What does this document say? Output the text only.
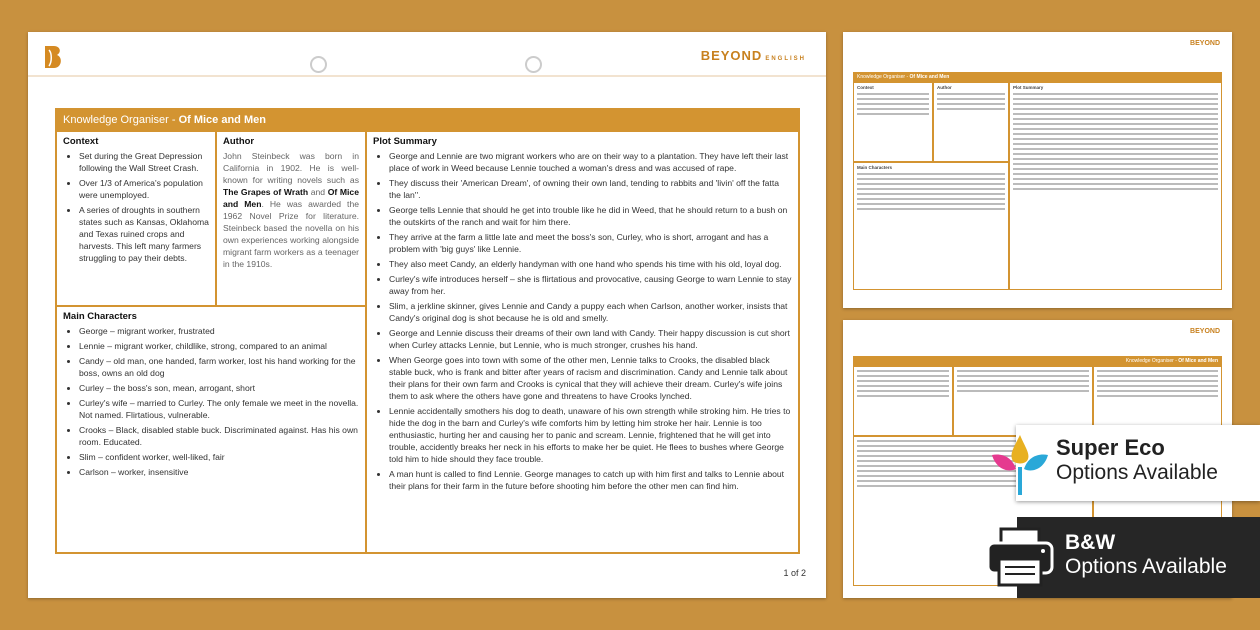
BEYOND ENGLISH
Knowledge Organiser - Of Mice and Men
Context
• Set during the Great Depression following the Wall Street Crash.
• Over 1/3 of America's population were unemployed.
• A series of droughts in southern states such as Kansas, Oklahoma and Texas ruined crops and harvests. This left many farmers struggling to pay their debts.
Author
John Steinbeck was born in California in 1902. He is well-known for writing novels such as The Grapes of Wrath and Of Mice and Men. He was awarded the 1962 Novel Prize for literature. Steinbeck based the novella on his own experiences working alongside migrant farm workers as a teenager in the 1910s.
Main Characters
• George – migrant worker, frustrated
• Lennie – migrant worker, childlike, strong, compared to an animal
• Candy – old man, one handed, farm worker, lost his hand working for the boss, owns an old dog
• Curley – the boss's son, mean, arrogant, short
• Curley's wife – married to Curley. The only female we meet in the novella. Not named. Flirtatious, vulnerable.
• Crooks – Black, disabled stable buck. Discriminated against. Has his own room. Educated.
• Slim – confident worker, well-liked, fair
• Carlson – worker, insensitive
Plot Summary
• George and Lennie are two migrant workers who are on their way to a plantation. They have left their last place of work in Weed because Lennie touched a woman's dress and was accused of rape.
• They discuss their 'American Dream', of owning their own land, tending to rabbits and 'livin' off the fatta the lan''.
• George tells Lennie that should he get into trouble like he did in Weed, that he should return to a bush on the outskirts of the ranch and wait for him there.
• They arrive at the farm a little late and meet the boss's son, Curley, who is short, arrogant and has a problem with 'big guys' like Lennie.
• They also meet Candy, an elderly handyman with one hand who spends his time with his old, loyal dog.
• Curley's wife introduces herself – she is flirtatious and provocative, causing George to warn Lennie to stay away from her.
• Slim, a jerkline skinner, gives Lennie and Candy a puppy each when Carlson, another worker, insists that Candy's original dog is shot because he is old and smelly.
• George and Lennie discuss their dreams of their own land with Candy. Their happy discussion is cut short when Curley attacks Lennie, but Lennie, who is much stronger, crushes his hand.
• When George goes into town with some of the other men, Lennie talks to Crooks, the disabled black stable buck, who is frank and bitter after years of racism and discrimination. Candy and Lennie talk about their plans for their own farm and Crooks is cynical that they will achieve their dream. Curley's wife joins them to ask where the others have gone and threatens to have Crooks lynched.
• Lennie accidentally smothers his dog to death, unaware of his own strength while stroking him. He tries to hide the dog in the barn and Curley's wife comforts him by letting him stroke her hair. Lennie is too enthusiastic, hurting her and causing her to panic and scream. Lennie, frightened that he will get into trouble, accidently breaks her neck in his efforts to make her be quiet. He flees to bushes where George told him to hide should they face trouble.
• A man hunt is called to find Lennie. George manages to catch up with him first and talks to Lennie about their plans for their farm in the future before shooting him before the other men can find him.
1 of 2
BEYOND
Knowledge Organiser - Of Mice and Men
Context	Author
Main Characters
Plot Summary
BEYOND
Knowledge Organiser - Of Mice and Men
Super Eco
Options Available
B&W
Options Available
